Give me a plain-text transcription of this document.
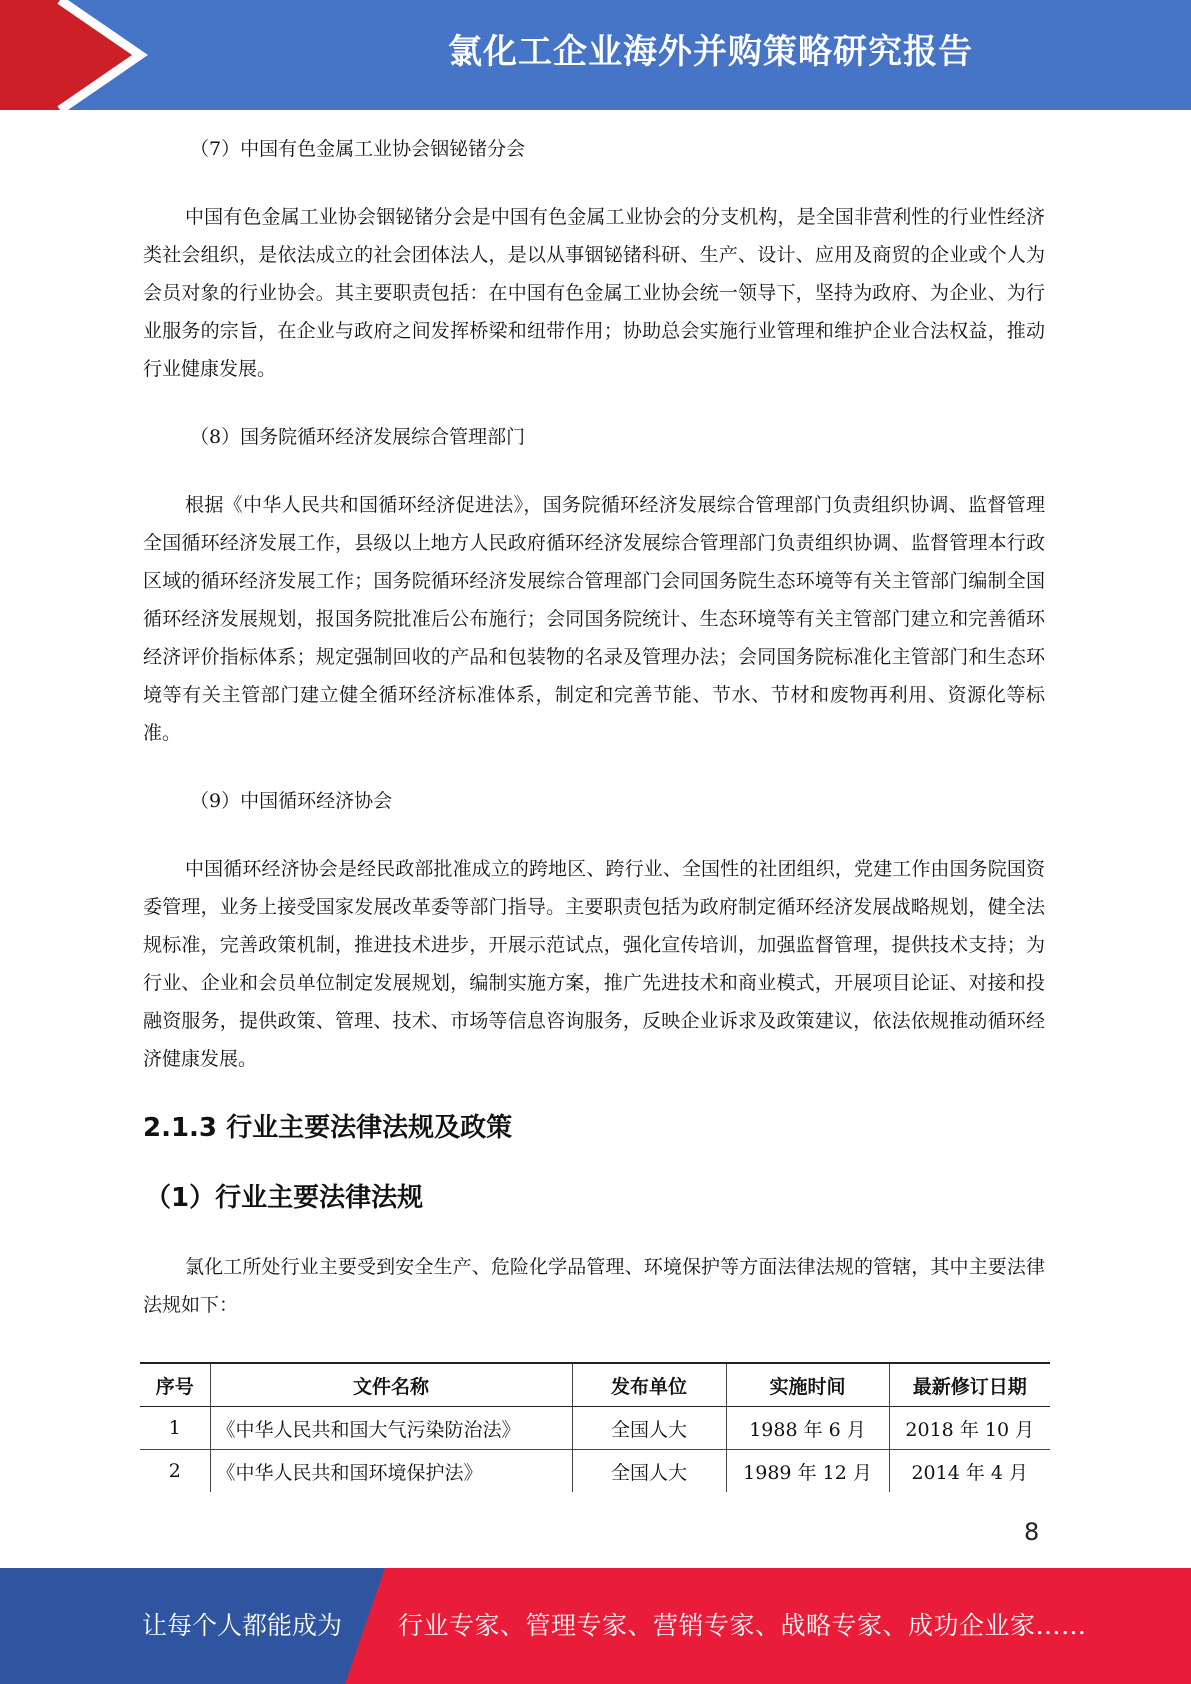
氯化工企业海外并购策略研究报告

（7）中国有色金属工业协会铟铋锗分会

中国有色金属工业协会铟铋锗分会是中国有色金属工业协会的分支机构，是全国非营利性的行业性经济类社会组织，是依法成立的社会团体法人，是以从事铟铋锗科研、生产、设计、应用及商贸的企业或个人为会员对象的行业协会。其主要职责包括：在中国有色金属工业协会统一领导下，坚持为政府、为企业、为行业服务的宗旨，在企业与政府之间发挥桥梁和纽带作用；协助总会实施行业管理和维护企业合法权益，推动行业健康发展。

（8）国务院循环经济发展综合管理部门

根据《中华人民共和国循环经济促进法》，国务院循环经济发展综合管理部门负责组织协调、监督管理全国循环经济发展工作，县级以上地方人民政府循环经济发展综合管理部门负责组织协调、监督管理本行政区域的循环经济发展工作；国务院循环经济发展综合管理部门会同国务院生态环境等有关主管部门编制全国循环经济发展规划，报国务院批准后公布施行；会同国务院统计、生态环境等有关主管部门建立和完善循环经济评价指标体系；规定强制回收的产品和包装物的名录及管理办法；会同国务院标准化主管部门和生态环境等有关主管部门建立健全循环经济标准体系，制定和完善节能、节水、节材和废物再利用、资源化等标准。

（9）中国循环经济协会

中国循环经济协会是经民政部批准成立的跨地区、跨行业、全国性的社团组织，党建工作由国务院国资委管理，业务上接受国家发展改革委等部门指导。主要职责包括为政府制定循环经济发展战略规划，健全法规标准，完善政策机制，推进技术进步，开展示范试点，强化宣传培训，加强监督管理，提供技术支持；为行业、企业和会员单位制定发展规划，编制实施方案，推广先进技术和商业模式，开展项目论证、对接和投融资服务，提供政策、管理、技术、市场等信息咨询服务，反映企业诉求及政策建议，依法依规推动循环经济健康发展。

2.1.3 行业主要法律法规及政策
（1）行业主要法律法规

氯化工所处行业主要受到安全生产、危险化学品管理、环境保护等方面法律法规的管辖，其中主要法律法规如下：

序号	文件名称	发布单位	实施时间	最新修订日期
1	《中华人民共和国大气污染防治法》	全国人大	1988 年 6 月	2018 年 10 月
2	《中华人民共和国环境保护法》	全国人大	1989 年 12 月	2014 年 4 月
8
让每个人都能成为 行业专家、管理专家、营销专家、战略专家、成功企业家……
